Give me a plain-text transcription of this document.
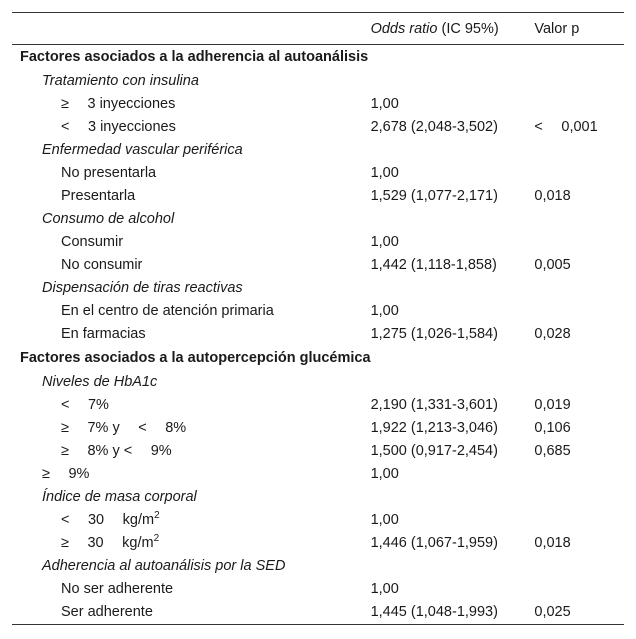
	Odds ratio (IC 95%)	Valor p
Factores asociados a la adherencia al autoanálisis		
Tratamiento con insulina		
≥  3 inyecciones	1,00	
<  3 inyecciones	2,678 (2,048-3,502)	<  0,001
Enfermedad vascular periférica		
No presentarla	1,00	
Presentarla	1,529 (1,077-2,171)	0,018
Consumo de alcohol		
Consumir	1,00	
No consumir	1,442 (1,118-1,858)	0,005
Dispensación de tiras reactivas		
En el centro de atención primaria	1,00	
En farmacias	1,275 (1,026-1,584)	0,028
Factores asociados a la autopercepción glucémica		
Niveles de HbA1c		
<  7%	2,190 (1,331-3,601)	0,019
≥  7% y  <  8%	1,922 (1,213-3,046)	0,106
≥  8% y <  9%	1,500 (0,917-2,454)	0,685
≥  9%	1,00	
Índice de masa corporal		
<  30  $kg/m^2$	1,00	
≥  30  $kg/m^2$	1,446 (1,067-1,959)	0,018
Adherencia al autoanálisis por la SED		
No ser adherente	1,00	
Ser adherente	1,445 (1,048-1,993)	0,025
